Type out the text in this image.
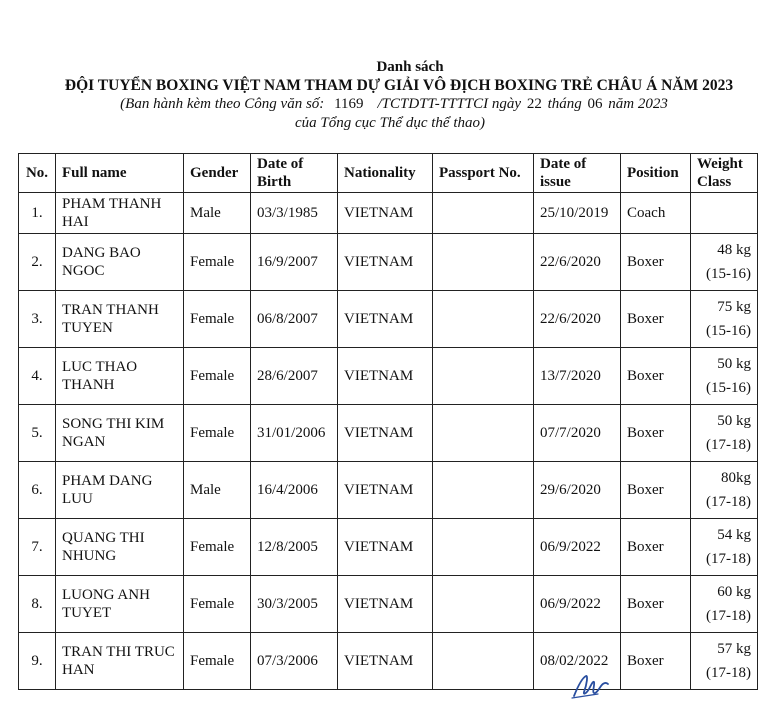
Danh sách
ĐỘI TUYỂN BOXING VIỆT NAM THAM DỰ GIẢI VÔ ĐỊCH BOXING TRẺ CHÂU Á NĂM 2023
(Ban hành kèm theo Công văn số: 1169 /TCTDTT-TTTTCI ngày 22 tháng 06 năm 2023
của Tổng cục Thể dục thể thao)
No.	Full name	Gender	Date of Birth	Nationality	Passport No.	Date of issue	Position	Weight Class
1.	PHAM THANH HAI	Male	03/3/1985	VIETNAM		25/10/2019	Coach	

2.	DANG BAO NGOC	Female	16/9/2007	VIETNAM		22/6/2020	Boxer	48 kg
(15-16)

3.	TRAN THANH TUYEN	Female	06/8/2007	VIETNAM		22/6/2020	Boxer	75 kg
(15-16)

4.	LUC THAO THANH	Female	28/6/2007	VIETNAM		13/7/2020	Boxer	50 kg
(15-16)

5.	SONG THI KIM NGAN	Female	31/01/2006	VIETNAM		07/7/2020	Boxer	50 kg
(17-18)

6.	PHAM DANG LUU	Male	16/4/2006	VIETNAM		29/6/2020	Boxer	80kg
(17-18)

7.	QUANG THI NHUNG	Female	12/8/2005	VIETNAM		06/9/2022	Boxer	54 kg
(17-18)

8.	LUONG ANH TUYET	Female	30/3/2005	VIETNAM		06/9/2022	Boxer	60 kg
(17-18)

9.	TRAN THI TRUC HAN	Female	07/3/2006	VIETNAM		08/02/2022	Boxer	57 kg
(17-18)
